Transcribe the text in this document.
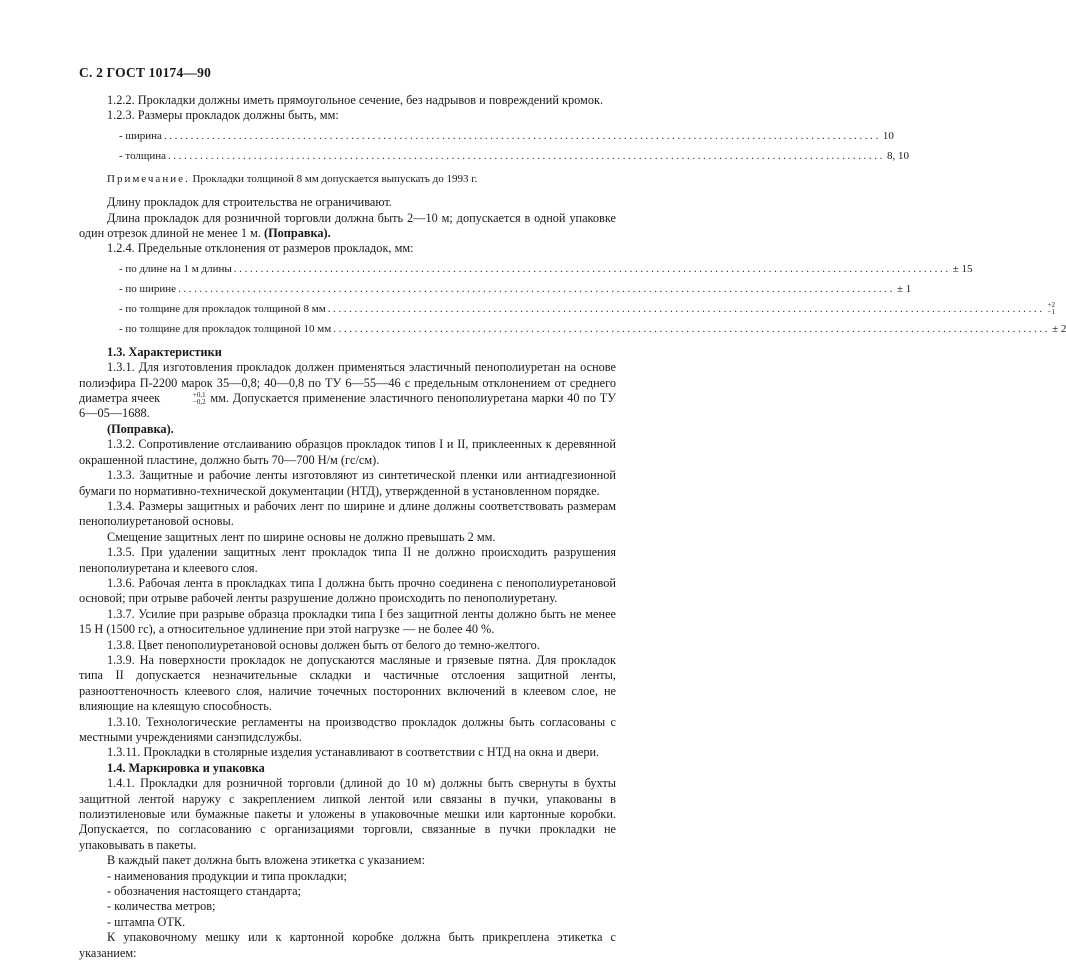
С. 2 ГОСТ 10174—90

1.2.2. Прокладки должны иметь прямоугольное сечение, без надрывов и повреждений кромок.

1.2.3. Размеры прокладок должны быть, мм:

- ширина ...................................................................................................................................... 10
- толщина ...................................................................................................................................... 8, 10

Примечание. Прокладки толщиной 8 мм допускается выпускать до 1993 г.

Длину прокладок для строительства не ограничивают.

Длина прокладок для розничной торговли должна быть 2—10 м; допускается в одной упаковке один отрезок длиной не менее 1 м. (Поправка).

1.2.4. Предельные отклонения от размеров прокладок, мм:

- по длине на 1 м длины ...................................................................................................................................... ± 15
- по ширине ...................................................................................................................................... ± 1
- по толщине для прокладок толщиной 8 мм ...................................................................................................................................... +2
−1
- по толщине для прокладок толщиной 10 мм ...................................................................................................................................... ± 2

1.3. Характеристики

1.3.1. Для изготовления прокладок должен применяться эластичный пенополиуретан на основе полиэфира П-2200 марок 35—0,8; 40—0,8 по ТУ 6—55—46 с предельным отклонением от среднего диаметра ячеек	+0,1
−0,2 мм. Допускается применение эластичного пенополиуретана марки 40 по ТУ 6—05—1688.

(Поправка).

1.3.2. Сопротивление отслаиванию образцов прокладок типов I и II, приклеенных к деревянной окрашенной пластине, должно быть 70—700 Н/м (гс/см).

1.3.3. Защитные и рабочие ленты изготовляют из синтетической пленки или антиадгезионной бумаги по нормативно-технической документации (НТД), утвержденной в установленном порядке.

1.3.4. Размеры защитных и рабочих лент по ширине и длине должны соответствовать размерам пенополиуретановой основы.

Смещение защитных лент по ширине основы не должно превышать 2 мм.

1.3.5. При удалении защитных лент прокладок типа II не должно происходить разрушения пенополиуретана и клеевого слоя.

1.3.6. Рабочая лента в прокладках типа I должна быть прочно соединена с пенополиуретановой основой; при отрыве рабочей ленты разрушение должно происходить по пенополиуретану.

1.3.7. Усилие при разрыве образца прокладки типа I без защитной ленты должно быть не менее 15 Н (1500 гс), а относительное удлинение при этой нагрузке — не более 40 %.

1.3.8. Цвет пенополиуретановой основы должен быть от белого до темно-желтого.

1.3.9. На поверхности прокладок не допускаются масляные и грязевые пятна. Для прокладок типа II допускается незначительные складки и частичные отслоения защитной ленты, разнооттеночность клеевого слоя, наличие точечных посторонних включений в клеевом слое, не влияющие на клеящую способность.

1.3.10. Технологические регламенты на производство прокладок должны быть согласованы с местными учреждениями санэпидслужбы.

1.3.11. Прокладки в столярные изделия устанавливают в соответствии с НТД на окна и двери.

1.4. Маркировка и упаковка

1.4.1. Прокладки для розничной торговли (длиной до 10 м) должны быть свернуты в бухты защитной лентой наружу с закреплением липкой лентой или связаны в пучки, упакованы в полиэтиленовые или бумажные пакеты и уложены в упаковочные мешки или картонные коробки. Допускается, по согласованию с организациями торговли, связанные в пучки прокладки не упаковывать в пакеты.

В каждый пакет должна быть вложена этикетка с указанием:

- наименования продукции и типа прокладки;

- обозначения настоящего стандарта;

- количества метров;

- штампа ОТК.

К упаковочному мешку или к картонной коробке должна быть прикреплена этикетка с указанием:
